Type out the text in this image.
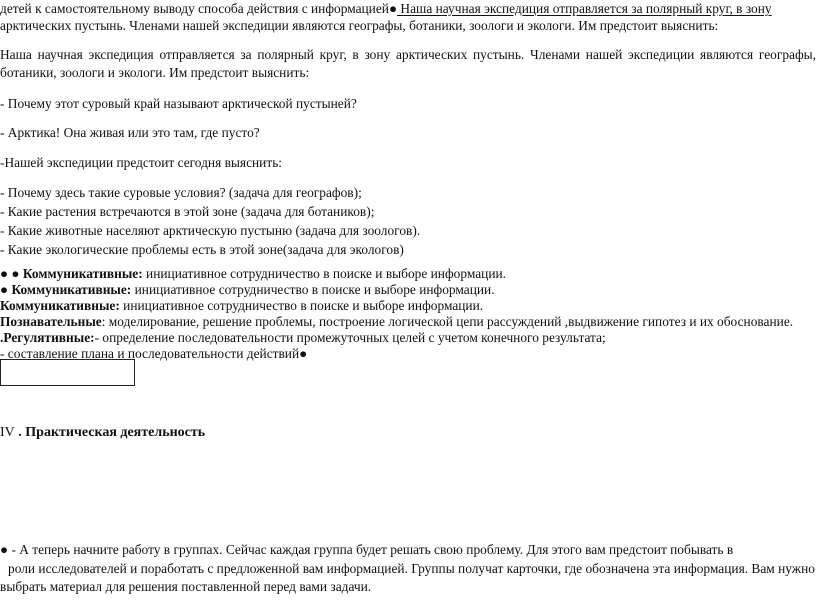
детей к самостоятельному выводу способа действия с информацией● Наша научная экспедиция отправляется за полярный круг, в зону
арктических пустынь. Членами нашей экспедиции являются географы, ботаники, зоологи и экологи. Им предстоит выяснить:
Наша научная экспедиция отправляется за полярный круг, в зону арктических пустынь. Членами нашей экспедиции являются географы,
ботаники, зоологи и экологи. Им предстоит выяснить:
- Почему этот суровый край называют арктической пустыней?
- Арктика! Она живая или это там, где пусто?
-Нашей экспедиции предстоит сегодня выяснить:
- Почему здесь такие суровые условия? (задача для географов);
- Какие растения встречаются в этой зоне (задача для ботаников);
- Какие животные населяют арктическую пустыню (задача для зоологов).
- Какие экологические проблемы есть в этой зоне(задача для экологов)
● ● Коммуникативные: инициативное сотрудничество в поиске и выборе информации.
● Коммуникативные: инициативное сотрудничество в поиске и выборе информации.
Коммуникативные: инициативное сотрудничество в поиске и выборе информации.
Познавательные: моделирование, решение проблемы, построение логической цепи рассуждений ,выдвижение гипотез и их обоснование.
.Регулятивные:- определение последовательности промежуточных целей с учетом конечного результата;
- составление плана и последовательности действий●
IV . Практическая деятельность
● - А теперь начните работу в группах. Сейчас каждая группа будет решать свою проблему. Для этого вам предстоит побывать в
роли исследователей и поработать с предложенной вам информацией. Группы получат карточки, где обозначена эта информация. Вам нужно
выбрать материал для решения поставленной перед вами задачи.
